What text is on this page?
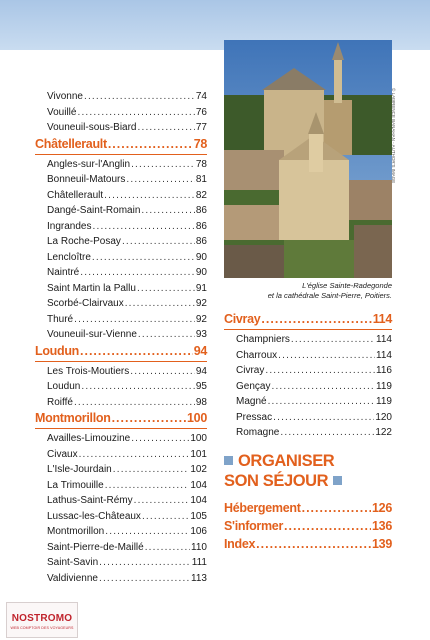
Vivonne .....	74
Vouillé .....	76
Vouneuil-sous-Biard .....	77
Châtellerault .....	78
Angles-sur-l'Anglin .....	78
Bonneuil-Matours .....	81
Châtellerault .....	82
Dangé-Saint-Romain .....	86
Ingrandes .....	86
La Roche-Posay .....	86
Lencloître .....	90
Naintré .....	90
Saint Martin la Pallu .....	91
Scorbé-Clairvaux .....	92
Thuré .....	92
Vouneuil-sur-Vienne .....	93
Loudun .....	94
Les Trois-Moutiers .....	94
Loudun .....	95
Roiffé .....	98
Montmorillon .....	100
Availles-Limouzine .....	100
Civaux .....	101
L'Isle-Jourdain .....	102
La Trimouille .....	104
Lathus-Saint-Rémy .....	104
Lussac-les-Châteaux .....	105
Montmorillon .....	106
Saint-Pierre-de-Maillé .....	110
Saint-Savin .....	111
Valdivienne .....	113
© LAWRENCE BANAHAN - AUTHOR'S IMAGE
L'église Sainte-Radegonde
et la cathédrale Saint-Pierre, Poitiers.
Civray .....	114
Champniers .....	114
Charroux .....	114
Civray .....	116
Gençay .....	119
Magné .....	119
Pressac .....	120
Romagne .....	122
ORGANISER
SON SÉJOUR
Hébergement .....	126
S'informer .....	136
Index .....	139
NOSTROMO
WEB COMPTOIR DES VOYAGEURS
